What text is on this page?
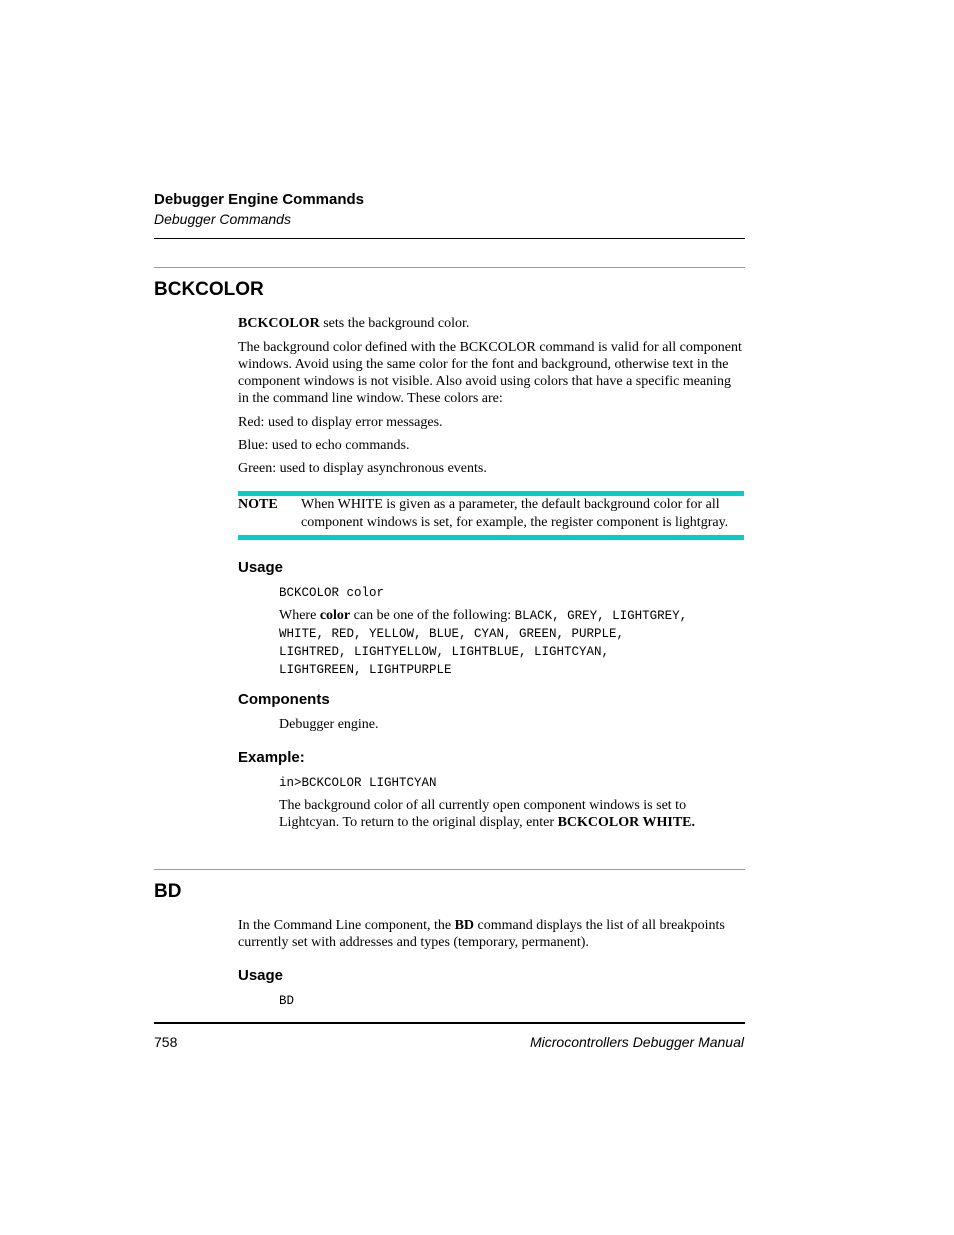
Debugger Engine Commands
Debugger Commands
BCKCOLOR
BCKCOLOR sets the background color.
The background color defined with the BCKCOLOR command is valid for all component windows. Avoid using the same color for the font and background, otherwise text in the component windows is not visible. Also avoid using colors that have a specific meaning in the command line window. These colors are:
Red: used to display error messages.
Blue: used to echo commands.
Green: used to display asynchronous events.
NOTE When WHITE is given as a parameter, the default background color for all component windows is set, for example, the register component is lightgray.
Usage
BCKCOLOR color
Where color can be one of the following: BLACK, GREY, LIGHTGREY,
WHITE, RED, YELLOW, BLUE, CYAN, GREEN, PURPLE,
LIGHTRED, LIGHTYELLOW, LIGHTBLUE, LIGHTCYAN,
LIGHTGREEN, LIGHTPURPLE
Components
Debugger engine.
Example:
in>BCKCOLOR LIGHTCYAN
The background color of all currently open component windows is set to
Lightcyan. To return to the original display, enter BCKCOLOR WHITE.
BD
In the Command Line component, the BD command displays the list of all breakpoints
currently set with addresses and types (temporary, permanent).
Usage
BD
758	Microcontrollers Debugger Manual
